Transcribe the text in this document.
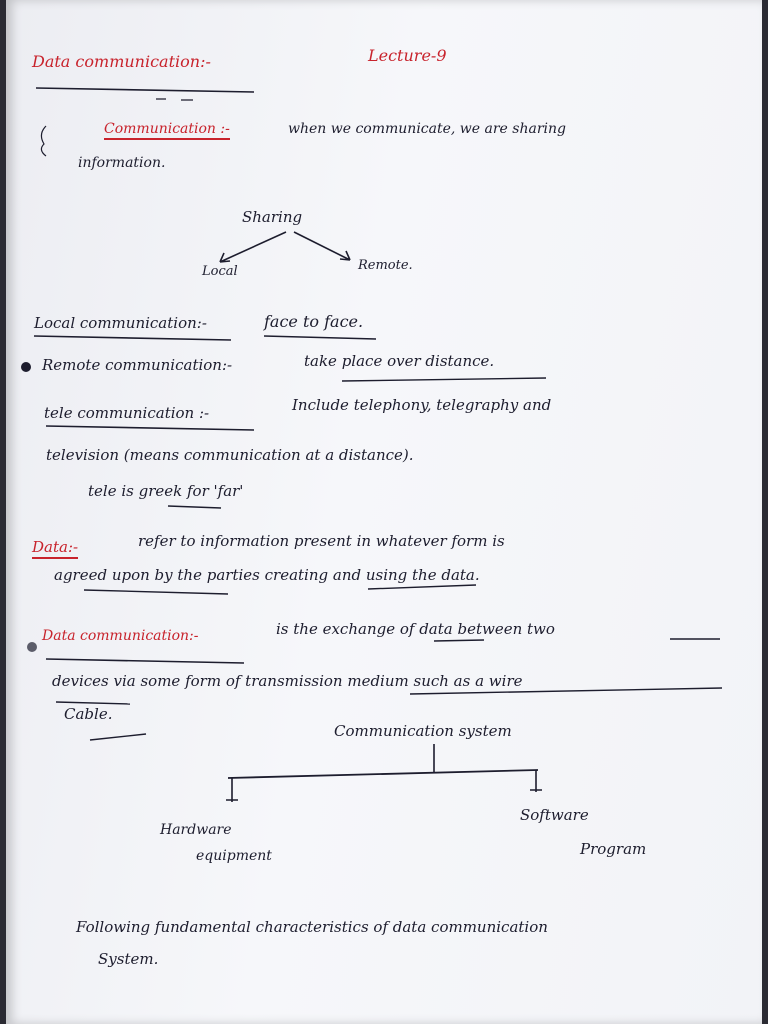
Data communication:-	Lecture-9
Communication :-	when we communicate, we are sharing
information.
Sharing
Local	Remote.
Local communication:-	face to face.
Remote communication:-	take place over distance.
tele communication :-	Include telephony, telegraphy and
television (means communication at a distance).
tele is greek for 'far'
Data:-	refer to information present in whatever form is
agreed upon by the parties creating and using the data.
Data communication:-	is the exchange of data between two
devices via some form of transmission medium such as a wire
Cable.
Communication system
Hardware
equipment
Software
Program
Following fundamental characteristics of data communication
System.
